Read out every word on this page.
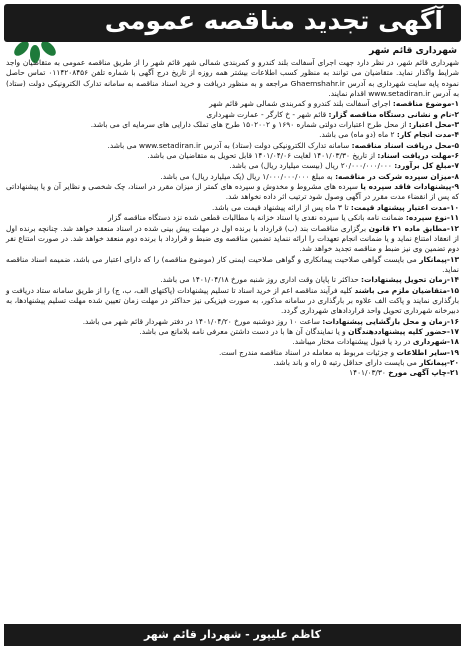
آگهی تجدید مناقصه عمومی
شهرداری قائم شهر

شهرداری قائم شهر، در نظر دارد جهت اجرای آسفالت بلند کندرو و کمربندی شمالی شهر قائم شهر را از طریق مناقصه عمومی به متقاضیان واجد شرایط واگذار نماید. متقاضیان می توانند به منظور کسب اطلاعات بیشتر همه روزه از تاریخ درج آگهی با شماره تلفن ۰۱۱۴۲۰۸۴۵۶ تماس حاصل نموده پایه سایت شهرداری به آدرس Ghaemshahr.ir مراجعه و به منظور دریافت و خرید اسناد مناقصه به سامانه تدارک الکترونیکی دولت (ستاد) به آدرس www.setadiran.ir اقدام نمایند.

۱-موضوع مناقصه: اجرای آسفالت بلند کندرو و کمربندی شمالی شهر قائم شهر

۲-نام و نشانی دستگاه مناقصه گزار: قائم شهر - خ کارگر - عمارت شهرداری

۳-محل اعتبار: از محل طرح اعتبارات دولتی شماره ۱۶۹۰ و ۱۵۰۲۰۰۲ طرح های تملک دارایی های سرمایه ای می باشد.

۴-مدت انجام کار: ۲ ماه (دو ماه) می باشد.

۵-محل دریافت اسناد مناقصه: سامانه تدارک الکترونیکی دولت (ستاد) به آدرس www.setadiran.ir می باشد.

۶-مهلت دریافت اسناد: از تاریخ ۱۴۰۱/۰۳/۳۰ لغایت ۱۴۰۱/۰۴/۰۶ قابل تحویل به متقاضیان می باشد.

۷-مبلغ کل برآورد: ۲۰/۰۰۰/۰۰۰/۰۰۰ ریال (بیست میلیارد ریال) می باشد.

۸-میزان سپرده شرکت در مناقصه: به مبلغ ۱/۰۰۰/۰۰۰/۰۰۰ ریال (یک میلیارد ریال) می باشد.

۹-پیشنهادات فاقد سپرده یا سپرده های مشروط و مخدوش و سپرده های کمتر از میزان مقرر در اسناد، چک شخصی و نظایر آن و یا پیشنهاداتی که پس از انقضاء مدت مقرر در آگهی وصول شود ترتیب اثر داده نخواهد شد.

۱۰-مدت اعتبار پیشنهاد قیمت: تا ۳ ماه پس از ارائه پیشنهاد قیمت می باشد.

۱۱-نوع سپرده: ضمانت نامه بانکی یا سپرده نقدی یا اسناد خزانه با مطالبات قطعی شده نزد دستگاه مناقصه گزار

۱۲-مطابق ماده ۲۱ قانون برگزاری مناقصات بند (ب) قرارداد با برنده اول در مهلت پیش بینی شده در اسناد منعقد خواهد شد. چنانچه برنده اول از انعقاد امتناع نماید و یا ضمانت انجام تعهدات را ارائه ننماید تضمین مناقصه وی ضبط و قرارداد با برنده دوم منعقد خواهد شد. در صورت امتناع نفر دوم تضمین وی نیز ضبط و مناقصه تجدید خواهد شد.

۱۳-پیمانکار می بایست گواهی صلاحیت پیمانکاری و گواهی صلاحیت ایمنی کار (موضوع مناقصه) را که دارای اعتبار می باشد، ضمیمه اسناد مناقصه نماید.

۱۴-زمان تحویل پیشنهادات: حداکثر تا پایان وقت اداری روز شنبه مورخ ۱۴۰۱/۰۴/۱۸ می باشد.

۱۵-متقاضیان ملزم می باشند کلیه فرآیند مناقصه اعم از خرید اسناد تا تسلیم پیشنهادات (پاکتهای الف، ب، ج) را از طریق سامانه ستاد دریافت و بارگذاری نمایند و پاکت الف علاوه بر بارگذاری در سامانه مذکور، به صورت فیزیکی نیز حداکثر در مهلت زمان تعیین شده مهلت تسلیم پیشنهادها، به دبیرخانه شهرداری تحویل واحد قراردادهای شهرداری گردد.

۱۶-زمان و محل بازگشایی پیشنهادات: ساعت ۱۰ روز دوشنبه مورخ ۱۴۰۱/۰۴/۲۰ در دفتر شهردار قائم شهر می باشد.

۱۷-حضور کلیه پیشنهاددهندگان و یا نمایندگان آن ها با در دست داشتن معرفی نامه بلامانع می باشد.

۱۸-شهرداری در رد یا قبول پیشنهادات مختار میباشد.

۱۹-سایر اطلاعات و جزئیات مربوط به معامله در اسناد مناقصه مندرج است.

۲۰-پیمانکار می بایست دارای حداقل رتبه ۵ راه و باند باشد.

۲۱-چاپ آگهی مورخ ۱۴۰۱/۰۳/۳۰

کاظم علیپور - شهردار قائم شهر
